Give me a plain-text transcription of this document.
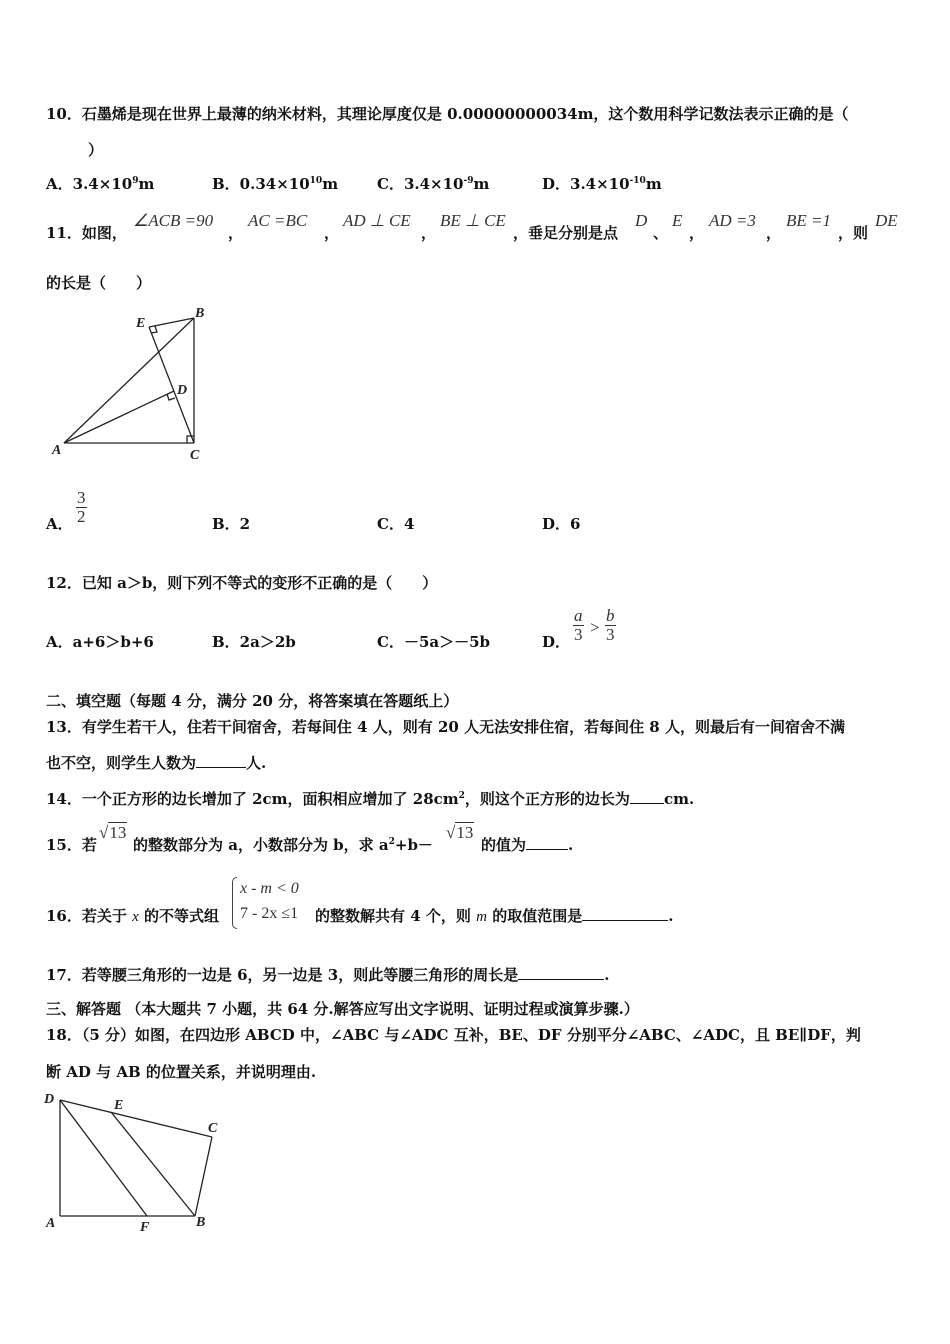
10．石墨烯是现在世界上最薄的纳米材料，其理论厚度仅是 0.00000000034m，这个数用科学记数法表示正确的是（
）
A．$3.4\times 10^9m$	B．$0.34\times 10^{10}m$	C．$3.4\times 10^{-9}m$	D．$3.4\times 10^{-10}m$
11．如图，
∠ACB =90
，
AC =BC
，
AD ⊥ CE
，
BE ⊥ CE
，垂足分别是点
D
、
E
，
AD =3
，
BE =1
，则
DE
的长是（　　）
E
B
D
A	C
A． $\frac{3}{2}$	B．2	C．4	D．6
12．已知 a＞b，则下列不等式的变形不正确的是（　　）
A．a+6＞b+6	B．2a＞2b	C．－5a＞－5b	D． $\frac{a}{3} > \frac{b}{3}$
二、填空题（每题 4 分，满分 20 分，将答案填在答题纸上）
13．有学生若干人，住若干间宿舍，若每间住 4 人，则有 20 人无法安排住宿，若每间住 8 人，则最后有一间宿舍不满
也不空，则学生人数为	人.
14．一个正方形的边长增加了 2cm，面积相应增加了 $28cm^2$，则这个正方形的边长为 cm.
15．若
√13
的整数部分为 a，小数部分为 b，求 $a^2+b-$
√13
的值为	.
16．若关于 x 的不等式组
x - m < 0
7 - 2x ≤1 的整数解共有 4 个，则 m 的取值范围是	.
17．若等腰三角形的一边是 6，另一边是 3，则此等腰三角形的周长是	.
三、解答题 （本大题共 7 小题，共 64 分.解答应写出文字说明、证明过程或演算步骤.）
18．（5 分）如图，在四边形 ABCD 中，∠ABC 与∠ADC 互补，BE、DF 分别平分∠ABC、∠ADC，且 BE∥DF，判
断 AD 与 AB 的位置关系，并说明理由.
D	E
C
A	F	B
